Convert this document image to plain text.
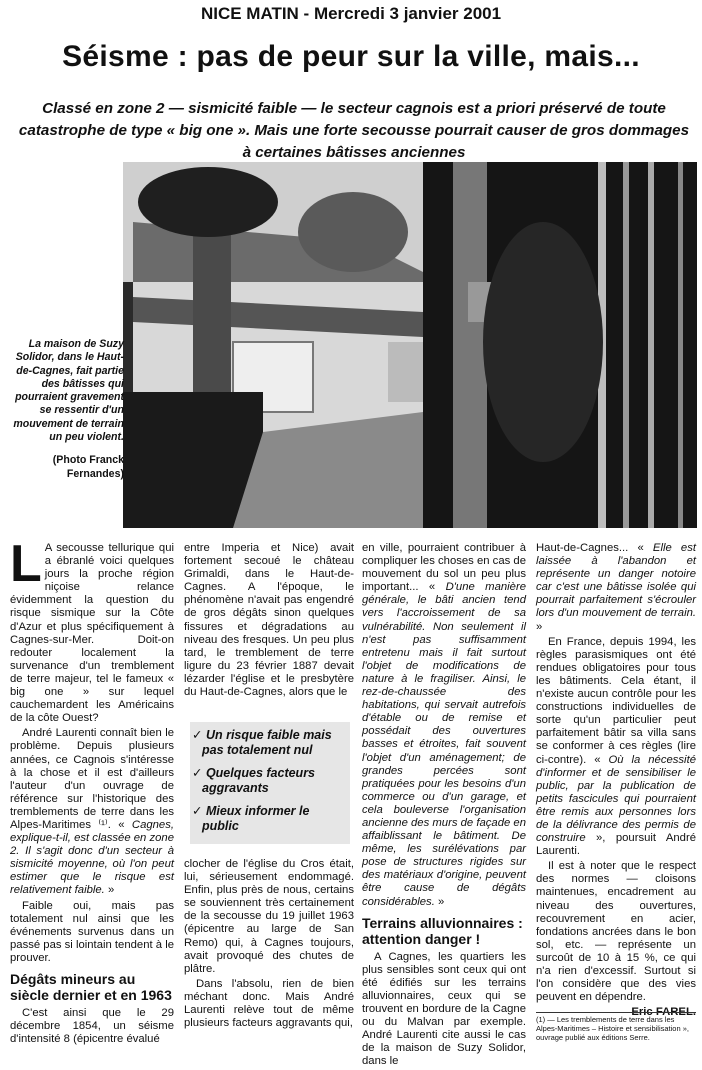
NICE MATIN - Mercredi 3 janvier 2001
Séisme : pas de peur sur la ville, mais...
Classé en zone 2 — sismicité faible — le secteur cagnois est a priori préservé de toute catastrophe de type « big one ». Mais une forte secousse pourrait causer de gros dommages à certaines bâtisses anciennes
La maison de Suzy Solidor, dans le Haut-de-Cagnes, fait partie des bâtisses qui pourraient gravement se ressentir d'un mouvement de terrain un peu violent.
(Photo Franck Fernandes)

L A secousse tellurique qui a ébranlé voici quelques jours la proche région niçoise relance évidemment la question du risque sismique sur la Côte d'Azur et plus spécifiquement à Cagnes-sur-Mer. Doit-on redouter localement la survenance d'un tremblement de terre majeur, tel le fameux « big one » sur lequel cauchemardent les Américains de la côte Ouest?

André Laurenti connaît bien le problème. Depuis plusieurs années, ce Cagnois s'intéresse à la chose et il est d'ailleurs l'auteur d'un ouvrage de référence sur l'historique des tremblements de terre dans les Alpes-Maritimes ⁽¹⁾. « Cagnes, explique-t-il, est classée en zone 2. Il s'agit donc d'un secteur à sismicité moyenne, où l'on peut estimer que le risque est relativement faible. »

Faible oui, mais pas totalement nul ainsi que les événements survenus dans un passé pas si lointain tendent à le prouver.

Dégâts mineurs au siècle dernier et en 1963

C'est ainsi que le 29 décembre 1854, un séisme d'intensité 8 (épicentre évalué

entre Imperia et Nice) avait fortement secoué le château Grimaldi, dans le Haut-de-Cagnes. A l'époque, le phénomène n'avait pas engendré de gros dégâts sinon quelques fissures et dégradations au niveau des fresques. Un peu plus tard, le tremblement de terre ligure du 23 février 1887 devait lézarder l'église et le presbytère du Haut-de-Cagnes, alors que le

✓ Un risque faible mais pas totalement nul
✓ Quelques facteurs aggravants
✓ Mieux informer le public

clocher de l'église du Cros était, lui, sérieusement endommagé. Enfin, plus près de nous, certains se souviennent très certainement de la secousse du 19 juillet 1963 (épicentre au large de San Remo) qui, à Cagnes toujours, avait provoqué des chutes de plâtre.

Dans l'absolu, rien de bien méchant donc. Mais André Laurenti relève tout de même plusieurs facteurs aggravants qui,

en ville, pourraient contribuer à compliquer les choses en cas de mouvement du sol un peu plus important... « D'une manière générale, le bâti ancien tend vers l'accroissement de sa vulnérabilité. Non seulement il n'est pas suffisamment entretenu mais il fait surtout l'objet de modifications de nature à le fragiliser. Ainsi, le rez-de-chaussée des habitations, qui servait autrefois d'étable ou de remise et possédait des ouvertures basses et étroites, fait souvent l'objet d'un aménagement; de grandes percées sont pratiquées pour les besoins d'un commerce ou d'un garage, et cela bouleverse l'organisation ancienne des murs de façade en affaiblissant le bâtiment. De même, les surélévations par pose de structures rigides sur des matériaux d'origine, peuvent être cause de dégâts considérables. »

Terrains alluvionnaires : attention danger !

A Cagnes, les quartiers les plus sensibles sont ceux qui ont été édifiés sur les terrains alluvionnaires, ceux qui se trouvent en bordure de la Cagne ou du Malvan par exemple. André Laurenti cite aussi le cas de la maison de Suzy Solidor, dans le

Haut-de-Cagnes... « Elle est laissée à l'abandon et représente un danger notoire car c'est une bâtisse isolée qui pourrait parfaitement s'écrouler lors d'un mouvement de terrain. »

En France, depuis 1994, les règles parasismiques ont été rendues obligatoires pour tous les bâtiments. Cela étant, il n'existe aucun contrôle pour les constructions individuelles de sorte qu'un particulier peut parfaitement bâtir sa villa sans se conformer à ces règles (lire ci-contre). « Où la nécessité d'informer et de sensibiliser le public, par la publication de petits fascicules qui pourraient être remis aux personnes lors de la délivrance des permis de construire », poursuit André Laurenti.

Il est à noter que le respect des normes — cloisons maintenues, encadrement au niveau des ouvertures, recouvrement en acier, fondations ancrées dans le bon sol, etc. — représente un surcoût de 10 à 15 %, ce qui n'a rien d'excessif. Surtout si l'on considère que des vies peuvent en dépendre.

Eric FAREL.
(1) — Les tremblements de terre dans les Alpes-Maritimes – Histoire et sensibilisation », ouvrage publié aux éditions Serre.
